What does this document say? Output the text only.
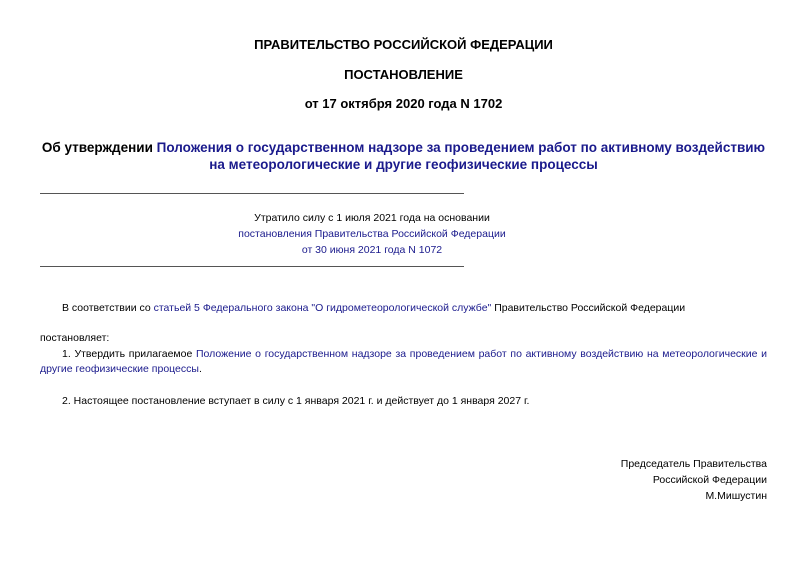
ПРАВИТЕЛЬСТВО РОССИЙСКОЙ ФЕДЕРАЦИИ
ПОСТАНОВЛЕНИЕ
от 17 октября 2020 года N 1702
Об утверждении Положения о государственном надзоре за проведением работ по активному воздействию на метеорологические и другие геофизические процессы
Утратило силу с 1 июля 2021 года на основании
постановления Правительства Российской Федерации
от 30 июня 2021 года N 1072
В соответствии со статьей 5 Федерального закона "О гидрометеорологической службе" Правительство Российской Федерации
постановляет:
1. Утвердить прилагаемое Положение о государственном надзоре за проведением работ по активному воздействию на метеорологические и другие геофизические процессы.
2. Настоящее постановление вступает в силу с 1 января 2021 г. и действует до 1 января 2027 г.
Председатель Правительства
Российской Федерации
М.Мишустин
